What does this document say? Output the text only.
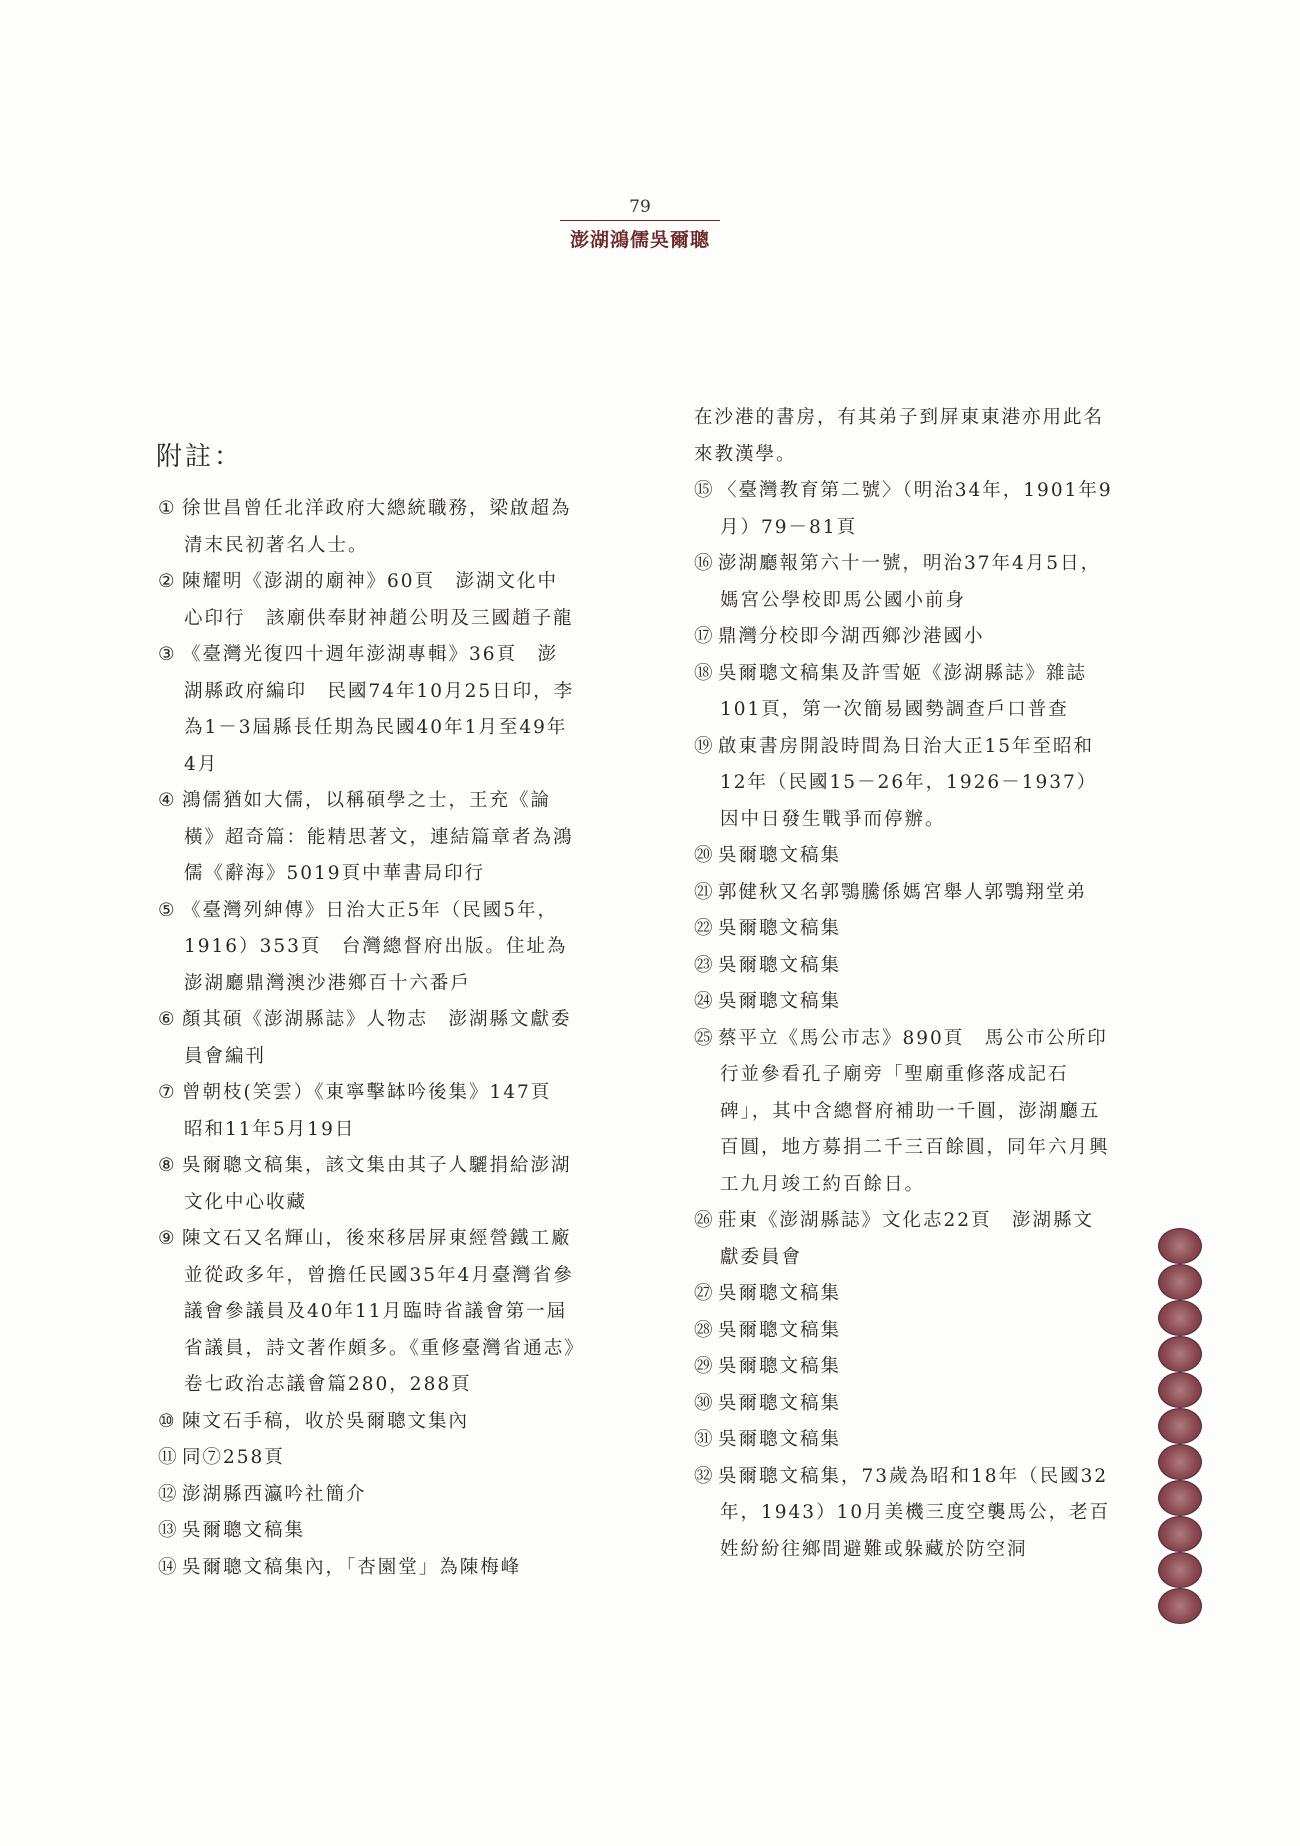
79
澎湖鴻儒吳爾聰
附註：

① 徐世昌曾任北洋政府大總統職務，梁啟超為清末民初著名人士。

② 陳耀明《澎湖的廟神》60頁　澎湖文化中心印行　該廟供奉財神趙公明及三國趙子龍

③ 《臺灣光復四十週年澎湖專輯》36頁　澎湖縣政府編印　民國74年10月25日印，李為1－3屆縣長任期為民國40年1月至49年4月

④ 鴻儒猶如大儒，以稱碩學之士，王充《論橫》超奇篇：能精思著文，連結篇章者為鴻儒《辭海》5019頁中華書局印行

⑤ 《臺灣列紳傳》日治大正5年（民國5年，1916）353頁　台灣總督府出版。住址為澎湖廳鼎灣澳沙港鄉百十六番戶

⑥ 顏其碩《澎湖縣誌》人物志　澎湖縣文獻委員會編刊

⑦ 曾朝枝(笑雲）《東寧擊缽吟後集》147頁　昭和11年5月19日

⑧ 吳爾聰文稿集，該文集由其子人驪捐給澎湖文化中心收藏

⑨ 陳文石又名輝山，後來移居屏東經營鐵工廠並從政多年，曾擔任民國35年4月臺灣省參議會參議員及40年11月臨時省議會第一屆省議員，詩文著作頗多。《重修臺灣省通志》卷七政治志議會篇280，288頁

⑩ 陳文石手稿，收於吳爾聰文集內

⑪ 同⑦258頁

⑫ 澎湖縣西瀛吟社簡介

⑬ 吳爾聰文稿集

⑭ 吳爾聰文稿集內，「杏園堂」為陳梅峰

在沙港的書房，有其弟子到屏東東港亦用此名來教漢學。

⑮ 〈臺灣教育第二號〉（明治34年，1901年9月）79－81頁

⑯ 澎湖廳報第六十一號，明治37年4月5日，媽宮公學校即馬公國小前身

⑰ 鼎灣分校即今湖西鄉沙港國小

⑱ 吳爾聰文稿集及許雪姬《澎湖縣誌》雜誌101頁，第一次簡易國勢調查戶口普查

⑲ 啟東書房開設時間為日治大正15年至昭和12年（民國15－26年，1926－1937）因中日發生戰爭而停辦。

⑳ 吳爾聰文稿集

㉑ 郭健秋又名郭鶚騰係媽宮舉人郭鶚翔堂弟

㉒ 吳爾聰文稿集

㉓ 吳爾聰文稿集

㉔ 吳爾聰文稿集

㉕ 蔡平立《馬公市志》890頁　馬公市公所印行並參看孔子廟旁「聖廟重修落成記石碑」，其中含總督府補助一千圓，澎湖廳五百圓，地方募捐二千三百餘圓，同年六月興工九月竣工約百餘日。

㉖ 莊東《澎湖縣誌》文化志22頁　澎湖縣文獻委員會

㉗ 吳爾聰文稿集

㉘ 吳爾聰文稿集

㉙ 吳爾聰文稿集

㉚ 吳爾聰文稿集

㉛ 吳爾聰文稿集

㉜ 吳爾聰文稿集，73歲為昭和18年（民國32年，1943）10月美機三度空襲馬公，老百姓紛紛往鄉間避難或躲藏於防空洞
